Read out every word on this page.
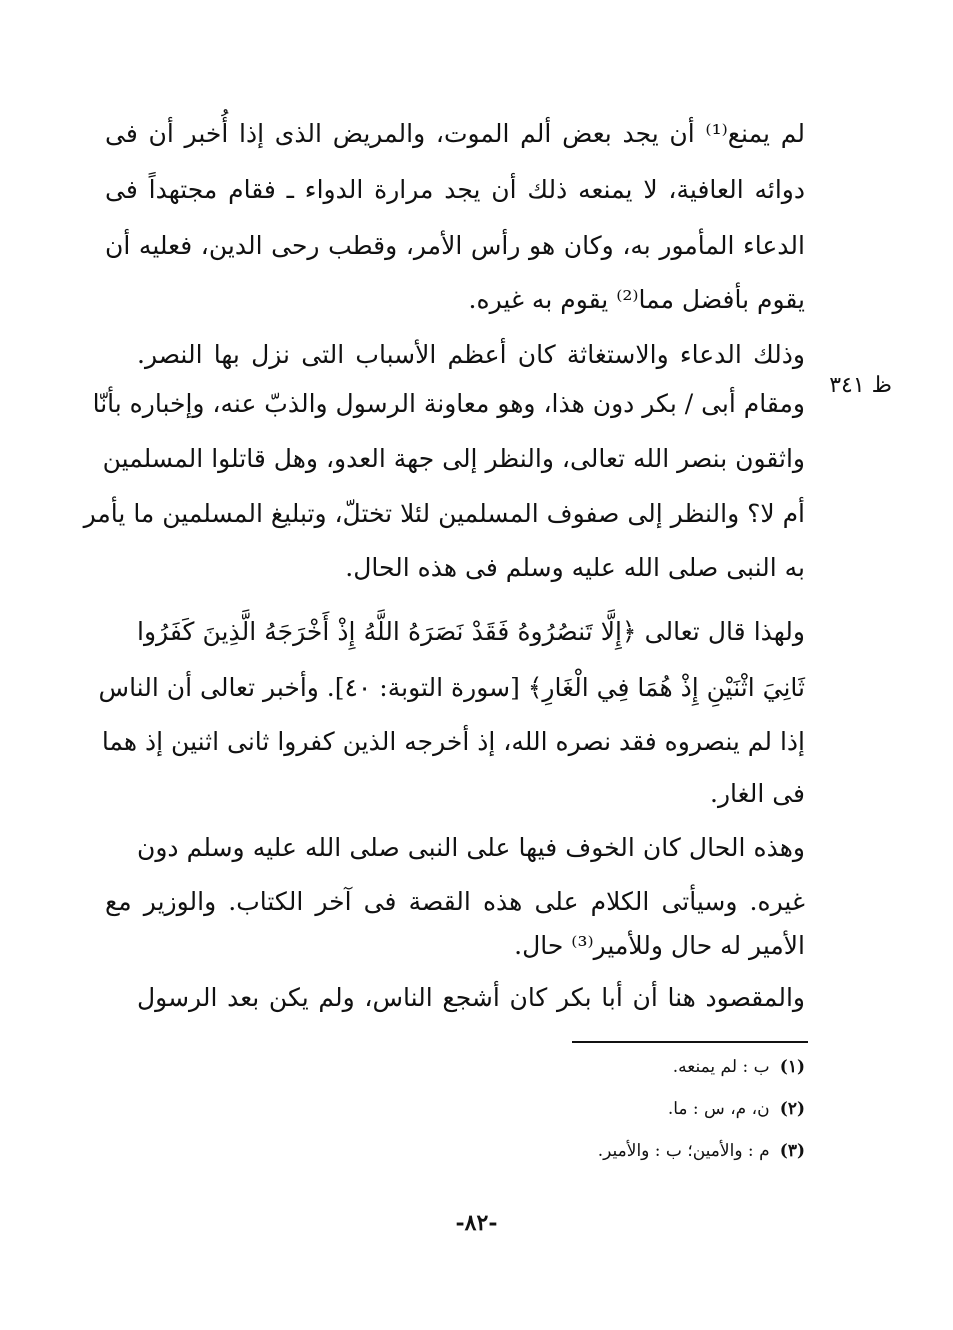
لم يمنع⁽¹⁾ أن يجد بعض ألم الموت، والمريض الذى إذا أُخبر أن فى
دوائه العافية، لا يمنعه ذلك أن يجد مرارة الدواء ـ فقام مجتهداً فى
الدعاء المأمور به، وكان هو رأس الأمر، وقطب رحى الدين، فعليه أن
يقوم بأفضل مما⁽²⁾ يقوم به غيره.
وذلك الدعاء والاستغاثة كان أعظم الأسباب التى نزل بها النصر.
ظ ٣٤١
ومقام أبى / بكر دون هذا، وهو معاونة الرسول والذبّ عنه، وإخباره بأنّا
واثقون بنصر الله تعالى، والنظر إلى جهة العدو، وهل قاتلوا المسلمين
أم لا؟ والنظر إلى صفوف المسلمين لئلا تختلّ، وتبليغ المسلمين ما يأمر
به النبى صلى الله عليه وسلم فى هذه الحال.
ولهذا قال تعالى ﴿إِلَّا تَنصُرُوهُ فَقَدْ نَصَرَهُ اللَّهُ إِذْ أَخْرَجَهُ الَّذِينَ كَفَرُوا
ثَانِيَ اثْنَيْنِ إِذْ هُمَا فِي الْغَارِ﴾ [سورة التوبة: ٤٠]. وأخبر تعالى أن الناس
إذا لم ينصروه فقد نصره الله، إذ أخرجه الذين كفروا ثانى اثنين إذ هما
فى الغار.
وهذه الحال كان الخوف فيها على النبى صلى الله عليه وسلم دون
غيره. وسيأتى الكلام على هذه القصة فى آخر الكتاب. والوزير مع
الأمير له حال وللأمير⁽³⁾ حال.
والمقصود هنا أن أبا بكر كان أشجع الناس، ولم يكن بعد الرسول
(١) ب : لم يمنعه.
(٢) ن، م، س : ما.
(٣) م : والأمين؛ ب : والأمير.
-٨٢-
